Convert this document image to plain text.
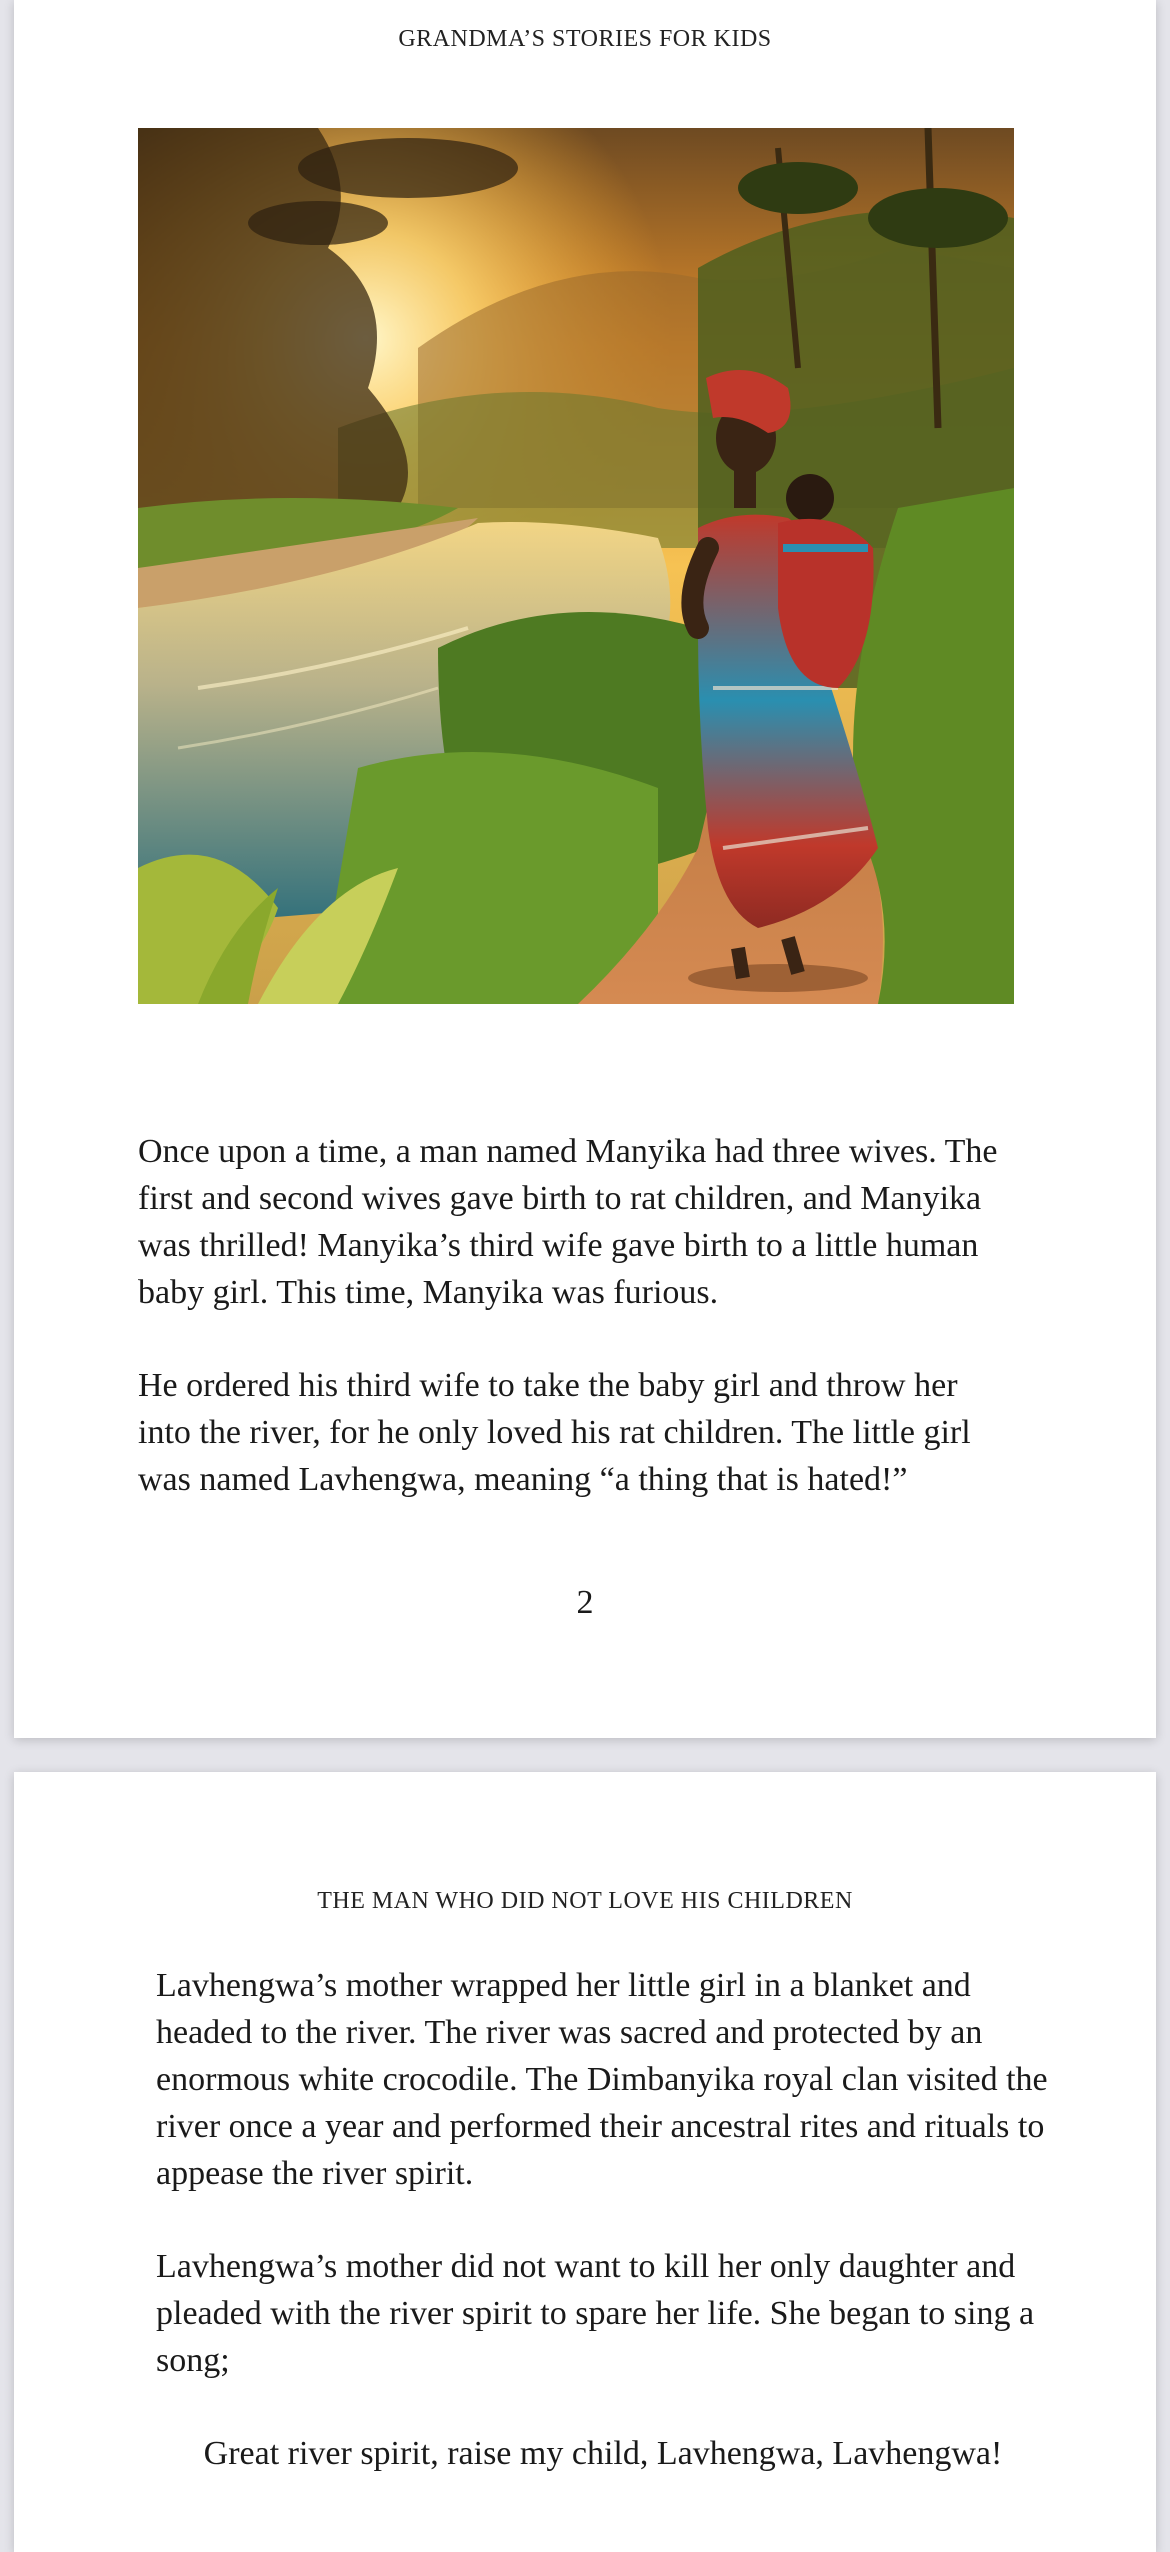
GRANDMA’S STORIES FOR KIDS

Once upon a time, a man named Manyika had three wives. The first and second wives gave birth to rat children, and Manyika was thrilled! Manyika’s third wife gave birth to a little human baby girl. This time, Manyika was furious.

He ordered his third wife to take the baby girl and throw her into the river, for he only loved his rat children. The little girl was named Lavhengwa, meaning “a thing that is hated!”

2
THE MAN WHO DID NOT LOVE HIS CHILDREN

Lavhengwa’s mother wrapped her little girl in a blanket and headed to the river. The river was sacred and protected by an enormous white crocodile. The Dimbanyika royal clan visited the river once a year and performed their ancestral rites and rituals to appease the river spirit.

Lavhengwa’s mother did not want to kill her only daughter and pleaded with the river spirit to spare her life. She began to sing a song;

Great river spirit, raise my child, Lavhengwa, Lavhengwa!
